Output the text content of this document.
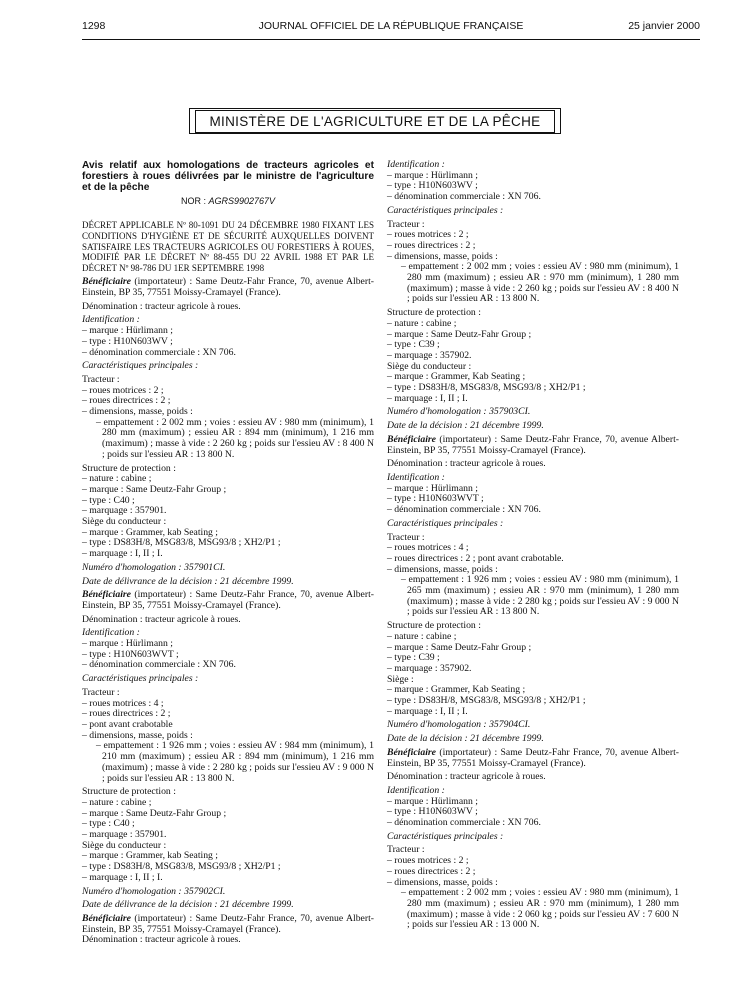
1298	JOURNAL OFFICIEL DE LA RÉPUBLIQUE FRANÇAISE	25 janvier 2000
MINISTÈRE DE L'AGRICULTURE ET DE LA PÊCHE

Avis relatif aux homologations de tracteurs agricoles et forestiers à roues délivrées par le ministre de l'agriculture et de la pêche

NOR : AGRS9902767V

DÉCRET APPLICABLE Nº 80-1091 DU 24 DÉCEMBRE 1980 FIXANT LES CONDITIONS D'HYGIÈNE ET DE SÉCURITÉ AUXQUELLES DOIVENT SATISFAIRE LES TRACTEURS AGRICOLES OU FORESTIERS À ROUES, MODIFIÉ PAR LE DÉCRET Nº 88-455 DU 22 AVRIL 1988 ET PAR LE DÉCRET Nº 98-786 DU 1ER SEPTEMBRE 1998

Bénéficiaire (importateur) : Same Deutz-Fahr France, 70, avenue Albert-Einstein, BP 35, 77551 Moissy-Cramayel (France).

Dénomination : tracteur agricole à roues.

Identification :

– marque : Hürlimann ;

– type : H10N603WV ;

– dénomination commerciale : XN 706.

Caractéristiques principales :

Tracteur :

– roues motrices : 2 ;

– roues directrices : 2 ;

– dimensions, masse, poids :

– empattement : 2 002 mm ; voies : essieu AV : 980 mm (minimum), 1 280 mm (maximum) ; essieu AR : 894 mm (minimum), 1 216 mm (maximum) ; masse à vide : 2 260 kg ; poids sur l'essieu AV : 8 400 N ; poids sur l'essieu AR : 13 800 N.

Structure de protection :

– nature : cabine ;

– marque : Same Deutz-Fahr Group ;

– type : C40 ;

– marquage : 357901.

Siège du conducteur :

– marque : Grammer, kab Seating ;

– type : DS83H/8, MSG83/8, MSG93/8 ; XH2/P1 ;

– marquage : I, II ; I.

Numéro d'homologation : 357901CI.

Date de délivrance de la décision : 21 décembre 1999.

Bénéficiaire (importateur) : Same Deutz-Fahr France, 70, avenue Albert-Einstein, BP 35, 77551 Moissy-Cramayel (France).

Dénomination : tracteur agricole à roues.

Identification :

– marque : Hürlimann ;

– type : H10N603WVT ;

– dénomination commerciale : XN 706.

Caractéristiques principales :

Tracteur :

– roues motrices : 4 ;

– roues directrices : 2 ;

– pont avant crabotable

– dimensions, masse, poids :

– empattement : 1 926 mm ; voies : essieu AV : 984 mm (minimum), 1 210 mm (maximum) ; essieu AR : 894 mm (minimum), 1 216 mm (maximum) ; masse à vide : 2 280 kg ; poids sur l'essieu AV : 9 000 N ; poids sur l'essieu AR : 13 800 N.

Structure de protection :

– nature : cabine ;

– marque : Same Deutz-Fahr Group ;

– type : C40 ;

– marquage : 357901.

Siège du conducteur :

– marque : Grammer, kab Seating ;

– type : DS83H/8, MSG83/8, MSG93/8 ; XH2/P1 ;

– marquage : I, II ; I.

Numéro d'homologation : 357902CI.

Date de délivrance de la décision : 21 décembre 1999.

Bénéficiaire (importateur) : Same Deutz-Fahr France, 70, avenue Albert-Einstein, BP 35, 77551 Moissy-Cramayel (France).

Dénomination : tracteur agricole à roues.

Identification :

– marque : Hürlimann ;

– type : H10N603WV ;

– dénomination commerciale : XN 706.

Caractéristiques principales :

Tracteur :

– roues motrices : 2 ;

– roues directrices : 2 ;

– dimensions, masse, poids :

– empattement : 2 002 mm ; voies : essieu AV : 980 mm (minimum), 1 280 mm (maximum) ; essieu AR : 970 mm (minimum), 1 280 mm (maximum) ; masse à vide : 2 260 kg ; poids sur l'essieu AV : 8 400 N ; poids sur l'essieu AR : 13 800 N.

Structure de protection :

– nature : cabine ;

– marque : Same Deutz-Fahr Group ;

– type : C39 ;

– marquage : 357902.

Siège du conducteur :

– marque : Grammer, Kab Seating ;

– type : DS83H/8, MSG83/8, MSG93/8 ; XH2/P1 ;

– marquage : I, II ; I.

Numéro d'homologation : 357903CI.

Date de la décision : 21 décembre 1999.

Bénéficiaire (importateur) : Same Deutz-Fahr France, 70, avenue Albert-Einstein, BP 35, 77551 Moissy-Cramayel (France).

Dénomination : tracteur agricole à roues.

Identification :

– marque : Hürlimann ;

– type : H10N603WVT ;

– dénomination commerciale : XN 706.

Caractéristiques principales :

Tracteur :

– roues motrices : 4 ;

– roues directrices : 2 ; pont avant crabotable.

– dimensions, masse, poids :

– empattement : 1 926 mm ; voies : essieu AV : 980 mm (minimum), 1 265 mm (maximum) ; essieu AR : 970 mm (minimum), 1 280 mm (maximum) ; masse à vide : 2 280 kg ; poids sur l'essieu AV : 9 000 N ; poids sur l'essieu AR : 13 800 N.

Structure de protection :

– nature : cabine ;

– marque : Same Deutz-Fahr Group ;

– type : C39 ;

– marquage : 357902.

Siège :

– marque : Grammer, Kab Seating ;

– type : DS83H/8, MSG83/8, MSG93/8 ; XH2/P1 ;

– marquage : I, II ; I.

Numéro d'homologation : 357904CI.

Date de la décision : 21 décembre 1999.

Bénéficiaire (importateur) : Same Deutz-Fahr France, 70, avenue Albert-Einstein, BP 35, 77551 Moissy-Cramayel (France).

Dénomination : tracteur agricole à roues.

Identification :

– marque : Hürlimann ;

– type : H10N603WV ;

– dénomination commerciale : XN 706.

Caractéristiques principales :

Tracteur :

– roues motrices : 2 ;

– roues directrices : 2 ;

– dimensions, masse, poids :

– empattement : 2 002 mm ; voies : essieu AV : 980 mm (minimum), 1 280 mm (maximum) ; essieu AR : 970 mm (minimum), 1 280 mm (maximum) ; masse à vide : 2 060 kg ; poids sur l'essieu AV : 7 600 N ; poids sur l'essieu AR : 13 000 N.
